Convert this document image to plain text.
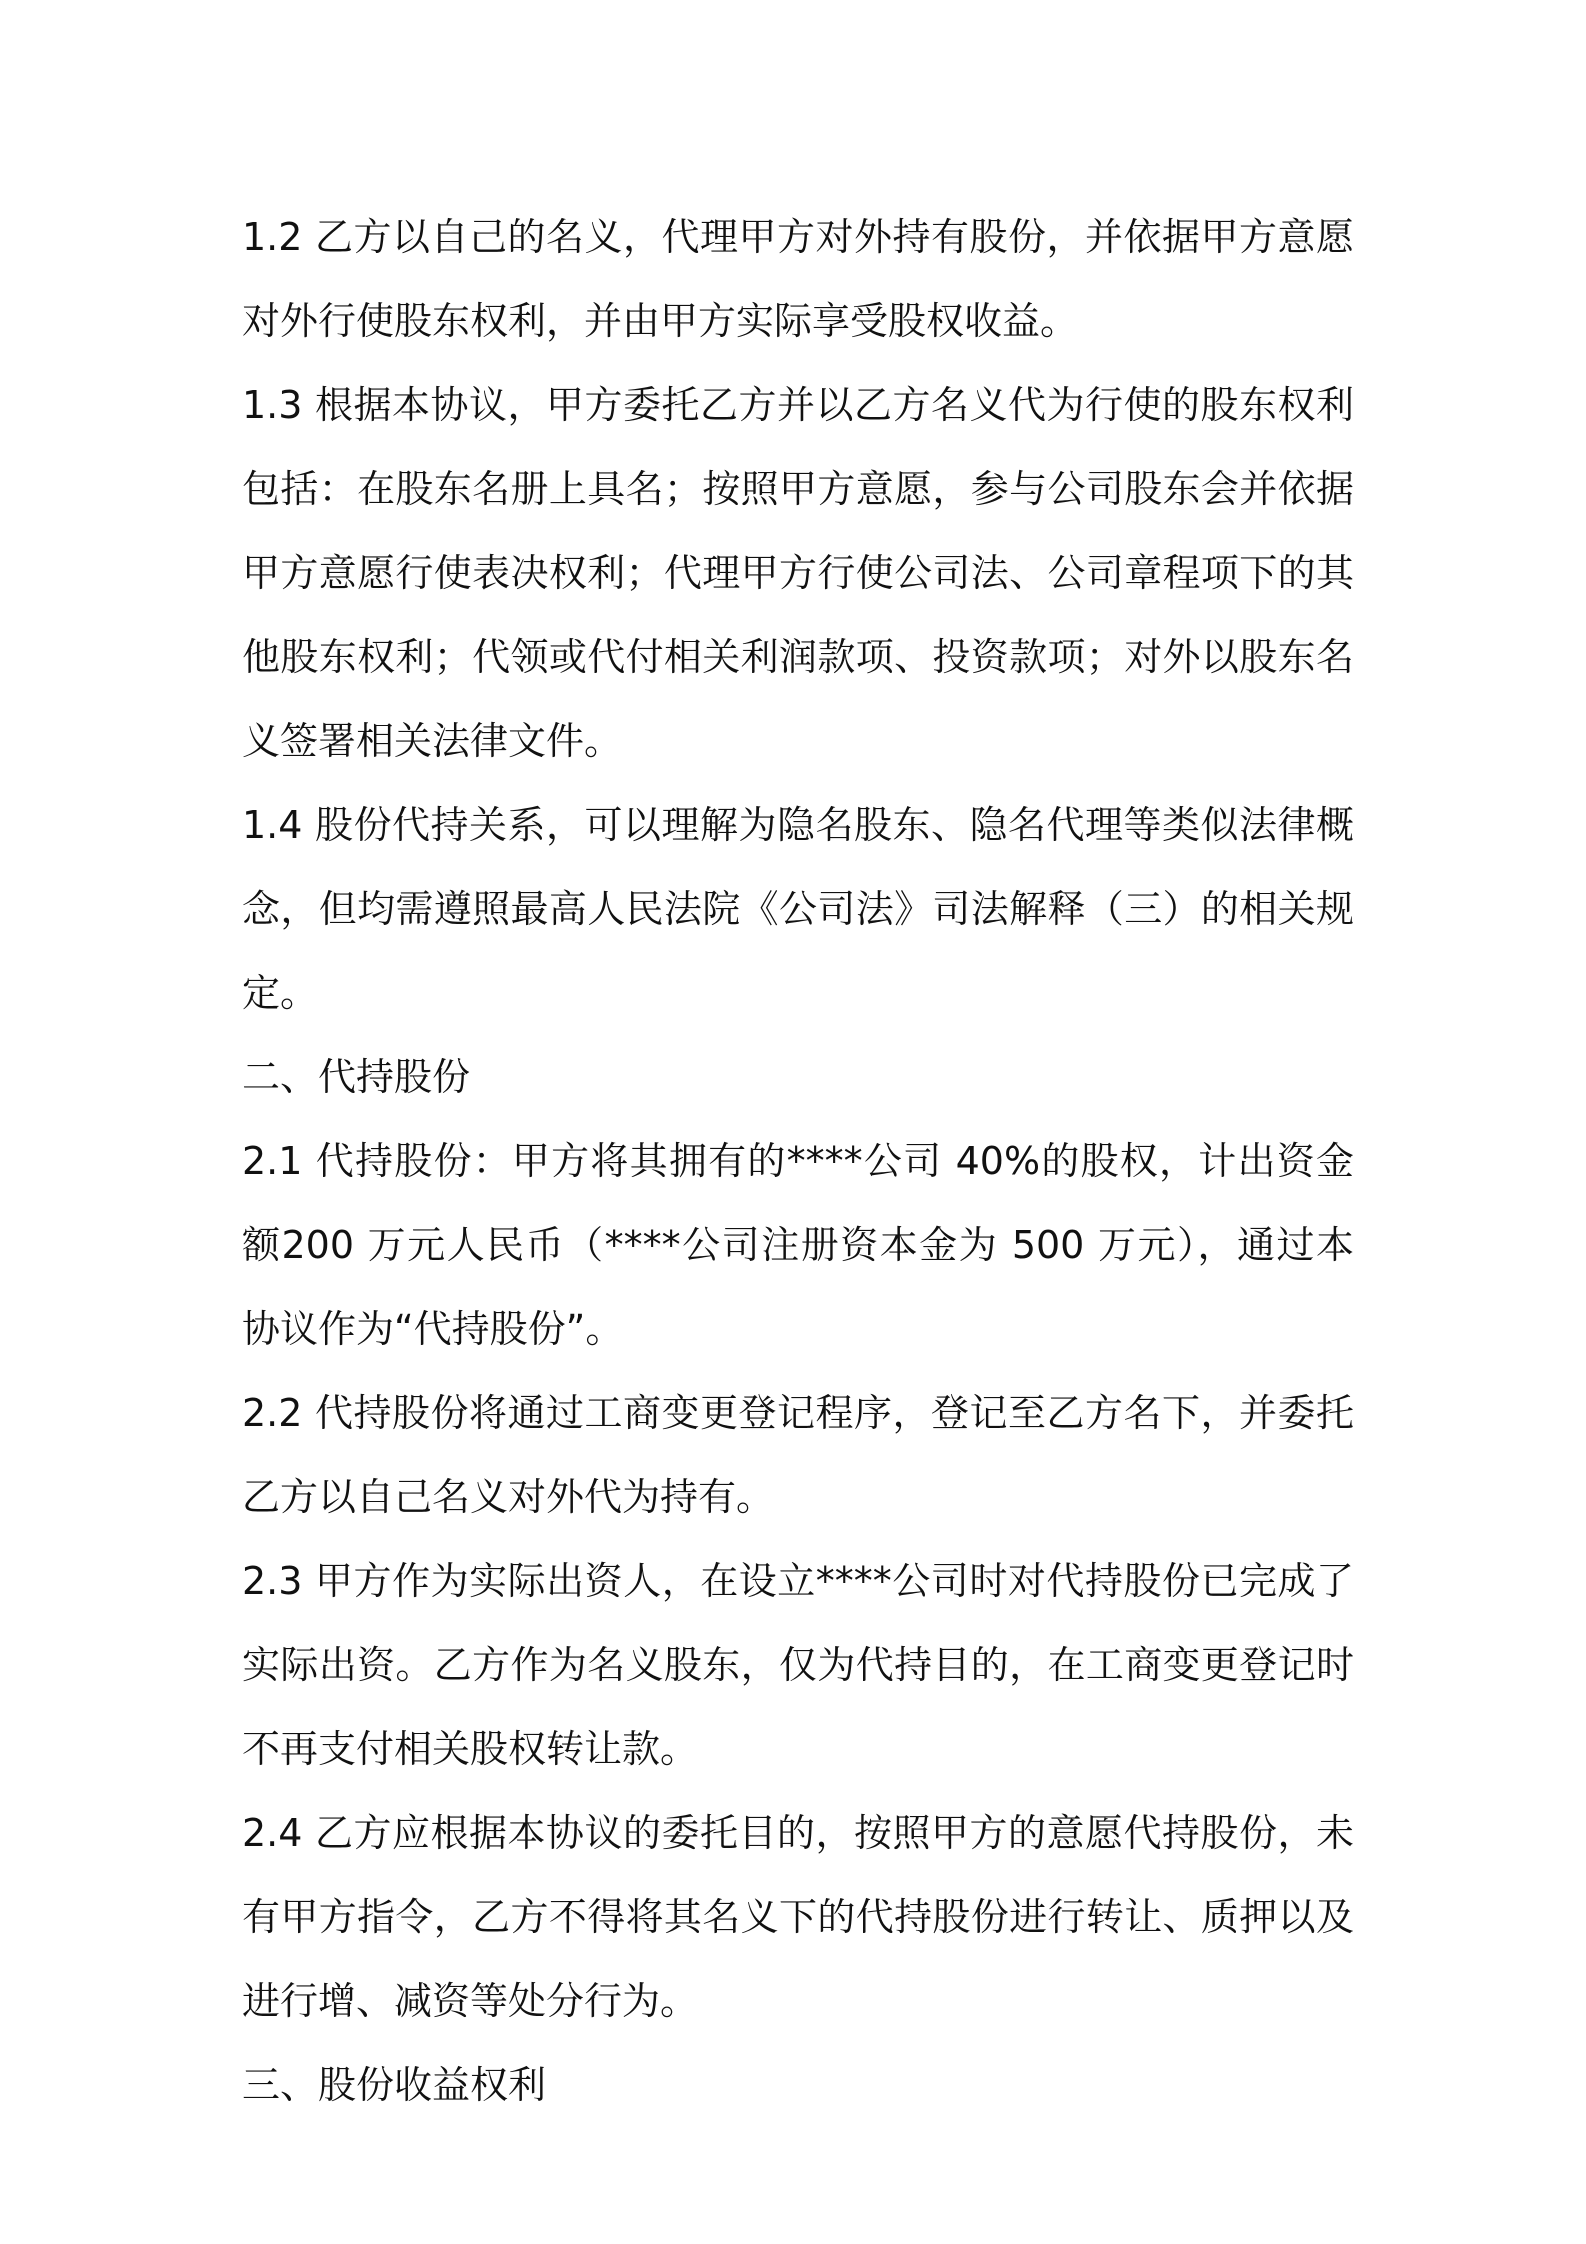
1.2 乙方以自己的名义，代理甲方对外持有股份，并依据甲方意愿对外行使股东权利，并由甲方实际享受股权收益。

1.3 根据本协议，甲方委托乙方并以乙方名义代为行使的股东权利包括：在股东名册上具名；按照甲方意愿，参与公司股东会并依据甲方意愿行使表决权利；代理甲方行使公司法、公司章程项下的其他股东权利；代领或代付相关利润款项、投资款项；对外以股东名义签署相关法律文件。

1.4 股份代持关系，可以理解为隐名股东、隐名代理等类似法律概念，但均需遵照最高人民法院《公司法》司法解释（三）的相关规定。

二、代持股份

2.1 代持股份：甲方将其拥有的****公司 40%的股权，计出资金额200 万元人民币（****公司注册资本金为 500 万元），通过本协议作为“代持股份”。

2.2 代持股份将通过工商变更登记程序，登记至乙方名下，并委托乙方以自己名义对外代为持有。

2.3 甲方作为实际出资人，在设立****公司时对代持股份已完成了实际出资。乙方作为名义股东，仅为代持目的，在工商变更登记时不再支付相关股权转让款。

2.4 乙方应根据本协议的委托目的，按照甲方的意愿代持股份，未有甲方指令，乙方不得将其名义下的代持股份进行转让、质押以及进行增、减资等处分行为。

三、股份收益权利
